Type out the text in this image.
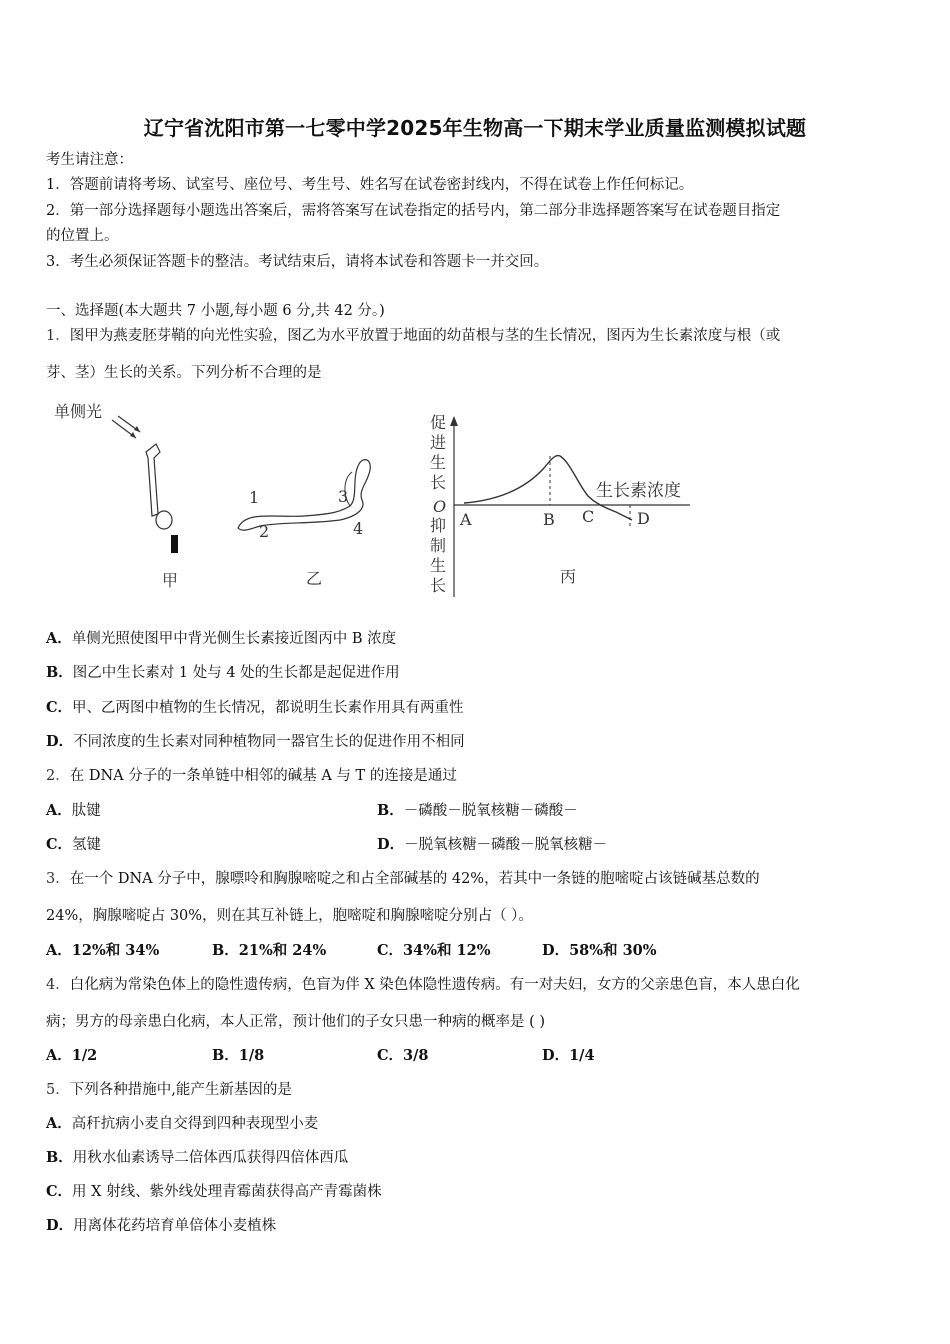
辽宁省沈阳市第一七零中学2025年生物高一下期末学业质量监测模拟试题
考生请注意：
1．答题前请将考场、试室号、座位号、考生号、姓名写在试卷密封线内，不得在试卷上作任何标记。
2．第一部分选择题每小题选出答案后，需将答案写在试卷指定的括号内，第二部分非选择题答案写在试卷题目指定
的位置上。
3．考生必须保证答题卡的整洁。考试结束后，请将本试卷和答题卡一并交回。
一、选择题(本大题共 7 小题,每小题 6 分,共 42 分。)
1．图甲为燕麦胚芽鞘的向光性实验，图乙为水平放置于地面的幼苗根与茎的生长情况，图丙为生长素浓度与根（或
芽、茎）生长的关系。下列分析不合理的是
单侧光
甲
1
2
3
4
乙
促
进
生
长
O
抑
制
生
长
A	B C	D
生长素浓度
丙
A．单侧光照使图甲中背光侧生长素接近图丙中 B 浓度
B．图乙中生长素对 1 处与 4 处的生长都是起促进作用
C．甲、乙两图中植物的生长情况，都说明生长素作用具有两重性
D．不同浓度的生长素对同种植物同一器官生长的促进作用不相同
2．在 DNA 分子的一条单链中相邻的碱基 A 与 T 的连接是通过
A．肽键	B．－磷酸－脱氧核糖－磷酸－
C．氢键	D．－脱氧核糖－磷酸－脱氧核糖－
3．在一个 DNA 分子中，腺嘌呤和胸腺嘧啶之和占全部碱基的 42%，若其中一条链的胞嘧啶占该链碱基总数的
24%，胸腺嘧啶占 30%，则在其互补链上，胞嘧啶和胸腺嘧啶分别占（ ）。
A．12%和 34%	B．21%和 24%	C．34%和 12%	D．58%和 30%
4．白化病为常染色体上的隐性遗传病，色盲为伴 X 染色体隐性遗传病。有一对夫妇，女方的父亲患色盲，本人患白化
病；男方的母亲患白化病，本人正常，预计他们的子女只患一种病的概率是 ( )
A．1/2	B．1/8	C．3/8	D．1/4
5．下列各种措施中,能产生新基因的是
A．高秆抗病小麦自交得到四种表现型小麦
B．用秋水仙素诱导二倍体西瓜获得四倍体西瓜
C．用 X 射线、紫外线处理青霉菌获得高产青霉菌株
D．用离体花药培育单倍体小麦植株
